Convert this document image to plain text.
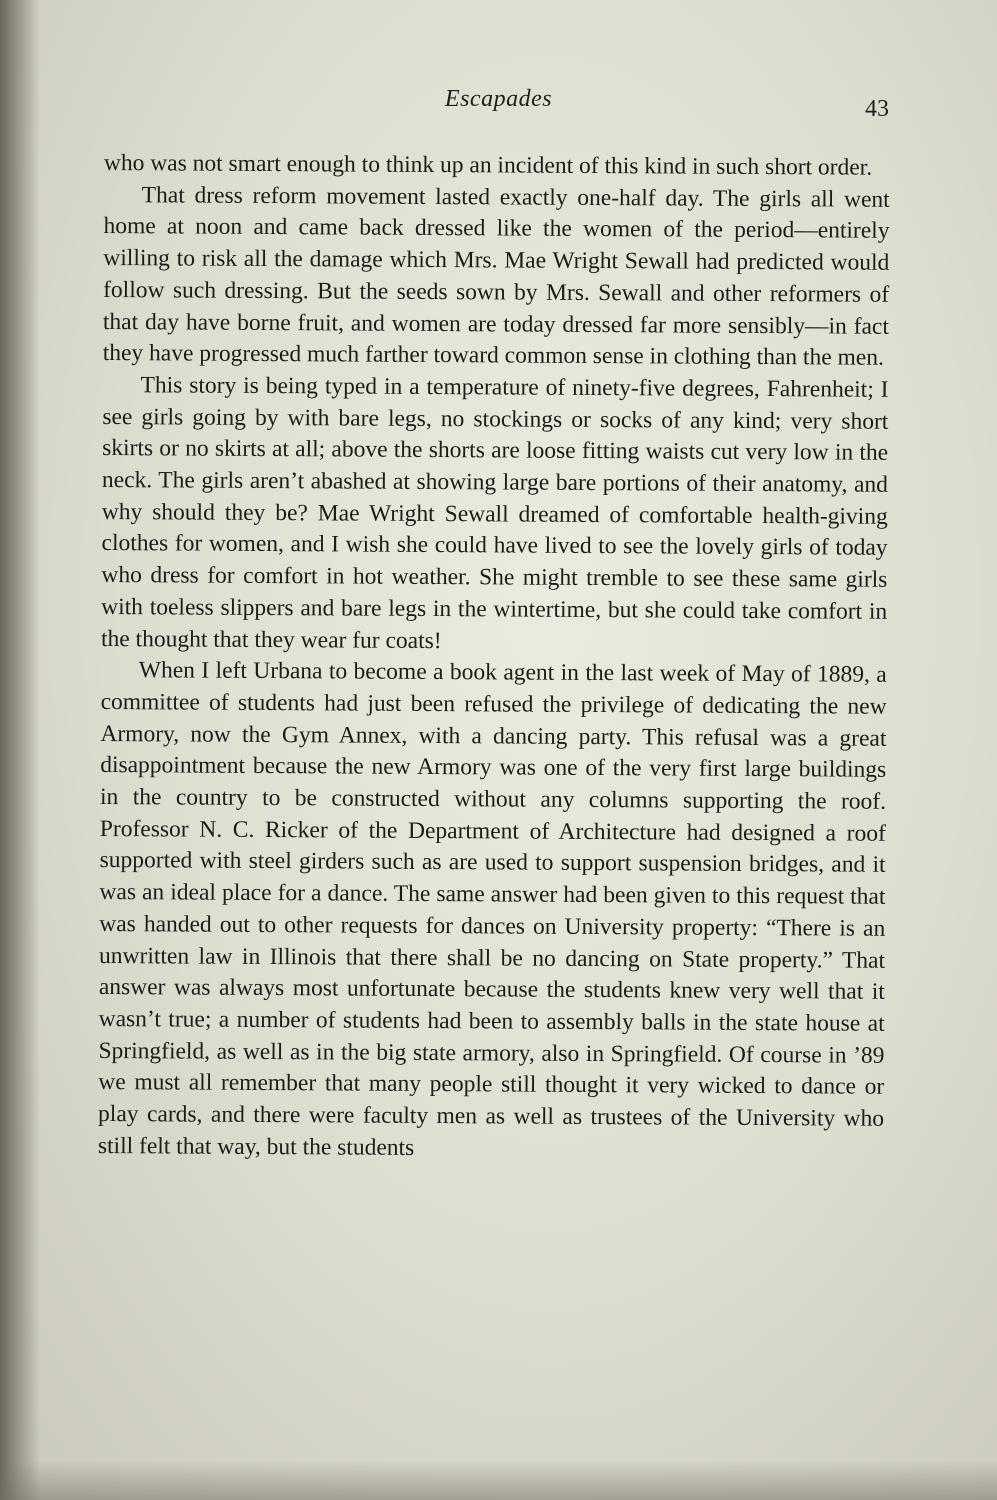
Escapades	43

who was not smart enough to think up an incident of this kind in such short order.

That dress reform movement lasted exactly one-half day. The girls all went home at noon and came back dressed like the women of the period—entirely willing to risk all the damage which Mrs. Mae Wright Sewall had predicted would follow such dressing. But the seeds sown by Mrs. Sewall and other reformers of that day have borne fruit, and women are today dressed far more sensibly—in fact they have progressed much farther toward common sense in clothing than the men.

This story is being typed in a temperature of ninety-five degrees, Fahrenheit; I see girls going by with bare legs, no stockings or socks of any kind; very short skirts or no skirts at all; above the shorts are loose fitting waists cut very low in the neck. The girls aren’t abashed at showing large bare portions of their anatomy, and why should they be? Mae Wright Sewall dreamed of comfortable health-giving clothes for women, and I wish she could have lived to see the lovely girls of today who dress for comfort in hot weather. She might tremble to see these same girls with toeless slippers and bare legs in the wintertime, but she could take comfort in the thought that they wear fur coats!

When I left Urbana to become a book agent in the last week of May of 1889, a committee of students had just been refused the privilege of dedicating the new Armory, now the Gym Annex, with a dancing party. This refusal was a great disappointment because the new Armory was one of the very first large buildings in the country to be constructed without any columns supporting the roof. Professor N. C. Ricker of the Department of Architecture had designed a roof supported with steel girders such as are used to support suspension bridges, and it was an ideal place for a dance. The same answer had been given to this request that was handed out to other requests for dances on University property: “There is an unwritten law in Illinois that there shall be no dancing on State property.” That answer was always most unfortunate because the students knew very well that it wasn’t true; a number of students had been to assembly balls in the state house at Springfield, as well as in the big state armory, also in Springfield. Of course in ’89 we must all remember that many people still thought it very wicked to dance or play cards, and there were faculty men as well as trustees of the University who still felt that way, but the students
